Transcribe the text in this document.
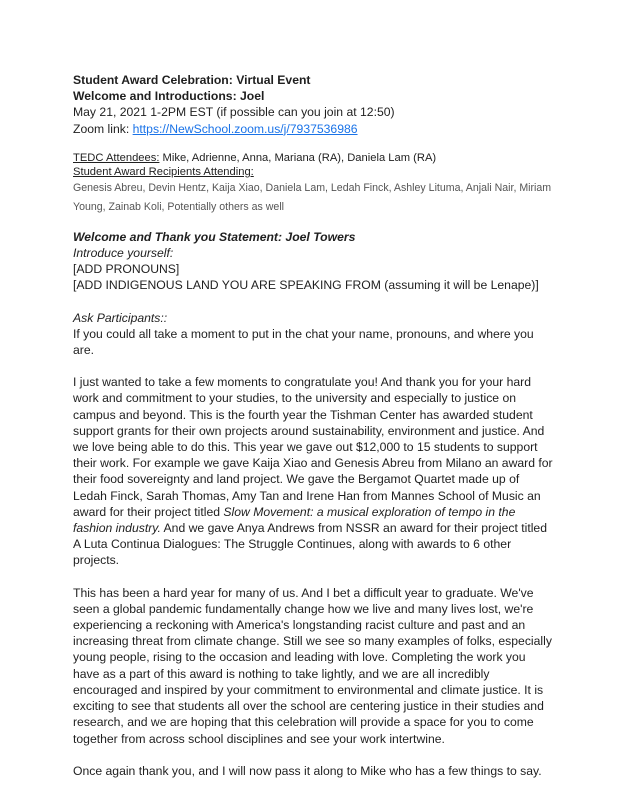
Student Award Celebration: Virtual Event

Welcome and Introductions: Joel

May 21, 2021 1-2PM EST (if possible can you join at 12:50)

Zoom link: https://NewSchool.zoom.us/j/7937536986

TEDC Attendees: Mike, Adrienne, Anna, Mariana (RA), Daniela Lam (RA)

Student Award Recipients Attending:

Genesis Abreu, Devin Hentz, Kaija Xiao, Daniela Lam, Ledah Finck, Ashley Lituma, Anjali Nair, Miriam Young, Zainab Koli, Potentially others as well

Welcome and Thank you Statement: Joel Towers

Introduce yourself:

[ADD PRONOUNS]

[ADD INDIGENOUS LAND YOU ARE SPEAKING FROM (assuming it will be Lenape)]

Ask Participants::

If you could all take a moment to put in the chat your name, pronouns, and where you are.

I just wanted to take a few moments to congratulate you! And thank you for your hard work and commitment to your studies, to the university and especially to justice on campus and beyond. This is the fourth year the Tishman Center has awarded student support grants for their own projects around sustainability, environment and justice. And we love being able to do this. This year we gave out $12,000 to 15 students to support their work. For example we gave Kaija Xiao and Genesis Abreu from Milano an award for their food sovereignty and land project. We gave the Bergamot Quartet made up of Ledah Finck, Sarah Thomas, Amy Tan and Irene Han from Mannes School of Music an award for their project titled Slow Movement: a musical exploration of tempo in the fashion industry. And we gave Anya Andrews from NSSR an award for their project titled A Luta Continua Dialogues: The Struggle Continues, along with awards to 6 other projects.

This has been a hard year for many of us. And I bet a difficult year to graduate. We've seen a global pandemic fundamentally change how we live and many lives lost, we're experiencing a reckoning with America's longstanding racist culture and past and an increasing threat from climate change. Still we see so many examples of folks, especially young people, rising to the occasion and leading with love. Completing the work you have as a part of this award is nothing to take lightly, and we are all incredibly encouraged and inspired by your commitment to environmental and climate justice. It is exciting to see that students all over the school are centering justice in their studies and research, and we are hoping that this celebration will provide a space for you to come together from across school disciplines and see your work intertwine.

Once again thank you, and I will now pass it along to Mike who has a few things to say.
